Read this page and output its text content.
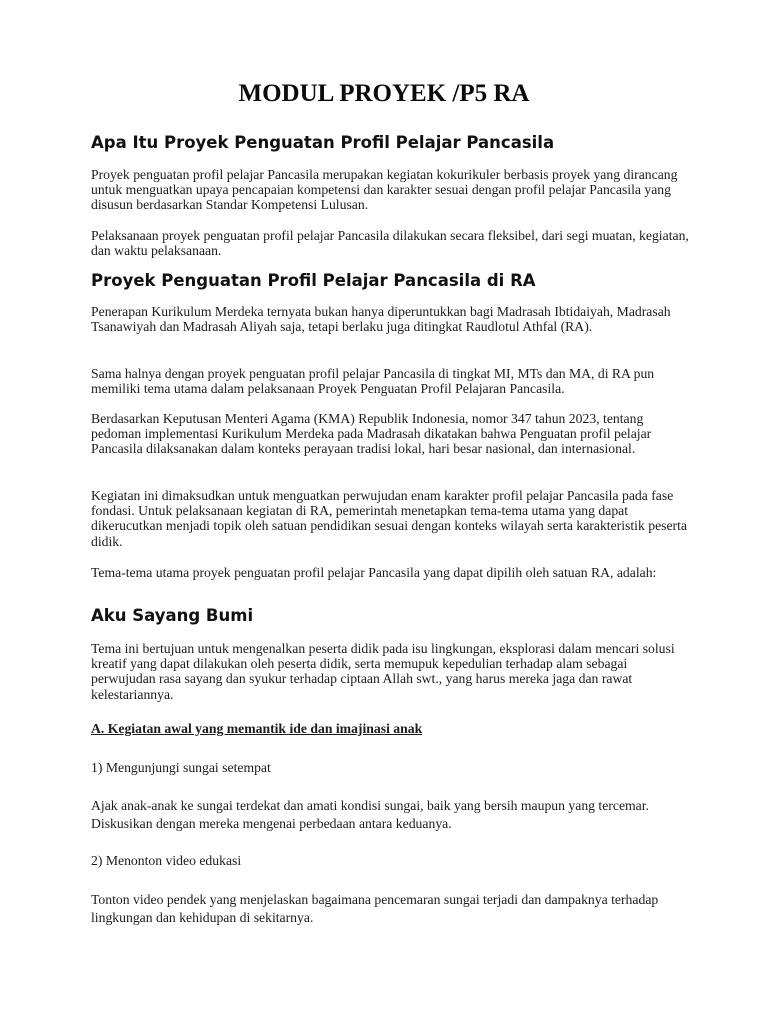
MODUL PROYEK /P5 RA
Apa Itu Proyek Penguatan Profil Pelajar Pancasila
Proyek penguatan profil pelajar Pancasila merupakan kegiatan kokurikuler berbasis proyek yang dirancang untuk menguatkan upaya pencapaian kompetensi dan karakter sesuai dengan profil pelajar Pancasila yang disusun berdasarkan Standar Kompetensi Lulusan.
Pelaksanaan proyek penguatan profil pelajar Pancasila dilakukan secara fleksibel, dari segi muatan, kegiatan, dan waktu pelaksanaan.
Proyek Penguatan Profil Pelajar Pancasila di RA
Penerapan Kurikulum Merdeka ternyata bukan hanya diperuntukkan bagi Madrasah Ibtidaiyah, Madrasah Tsanawiyah dan Madrasah Aliyah saja, tetapi berlaku juga ditingkat Raudlotul Athfal (RA).
Sama halnya dengan proyek penguatan profil pelajar Pancasila di tingkat MI, MTs dan MA, di RA pun memiliki tema utama dalam pelaksanaan Proyek Penguatan Profil Pelajaran Pancasila.
Berdasarkan Keputusan Menteri Agama (KMA) Republik Indonesia, nomor 347 tahun 2023, tentang pedoman implementasi Kurikulum Merdeka pada Madrasah dikatakan bahwa Penguatan profil pelajar Pancasila dilaksanakan dalam konteks perayaan tradisi lokal, hari besar nasional, dan internasional.
Kegiatan ini dimaksudkan untuk menguatkan perwujudan enam karakter profil pelajar Pancasila pada fase fondasi. Untuk pelaksanaan kegiatan di RA, pemerintah menetapkan tema-tema utama yang dapat dikerucutkan menjadi topik oleh satuan pendidikan sesuai dengan konteks wilayah serta karakteristik peserta didik.
Tema-tema utama proyek penguatan profil pelajar Pancasila yang dapat dipilih oleh satuan RA, adalah:
Aku Sayang Bumi
Tema ini bertujuan untuk mengenalkan peserta didik pada isu lingkungan, eksplorasi dalam mencari solusi kreatif yang dapat dilakukan oleh peserta didik, serta memupuk kepedulian terhadap alam sebagai perwujudan rasa sayang dan syukur terhadap ciptaan Allah swt., yang harus mereka jaga dan rawat kelestariannya.
A. Kegiatan awal yang memantik ide dan imajinasi anak
1) Mengunjungi sungai setempat
Ajak anak-anak ke sungai terdekat dan amati kondisi sungai, baik yang bersih maupun yang tercemar. Diskusikan dengan mereka mengenai perbedaan antara keduanya.
2) Menonton video edukasi
Tonton video pendek yang menjelaskan bagaimana pencemaran sungai terjadi dan dampaknya terhadap lingkungan dan kehidupan di sekitarnya.
